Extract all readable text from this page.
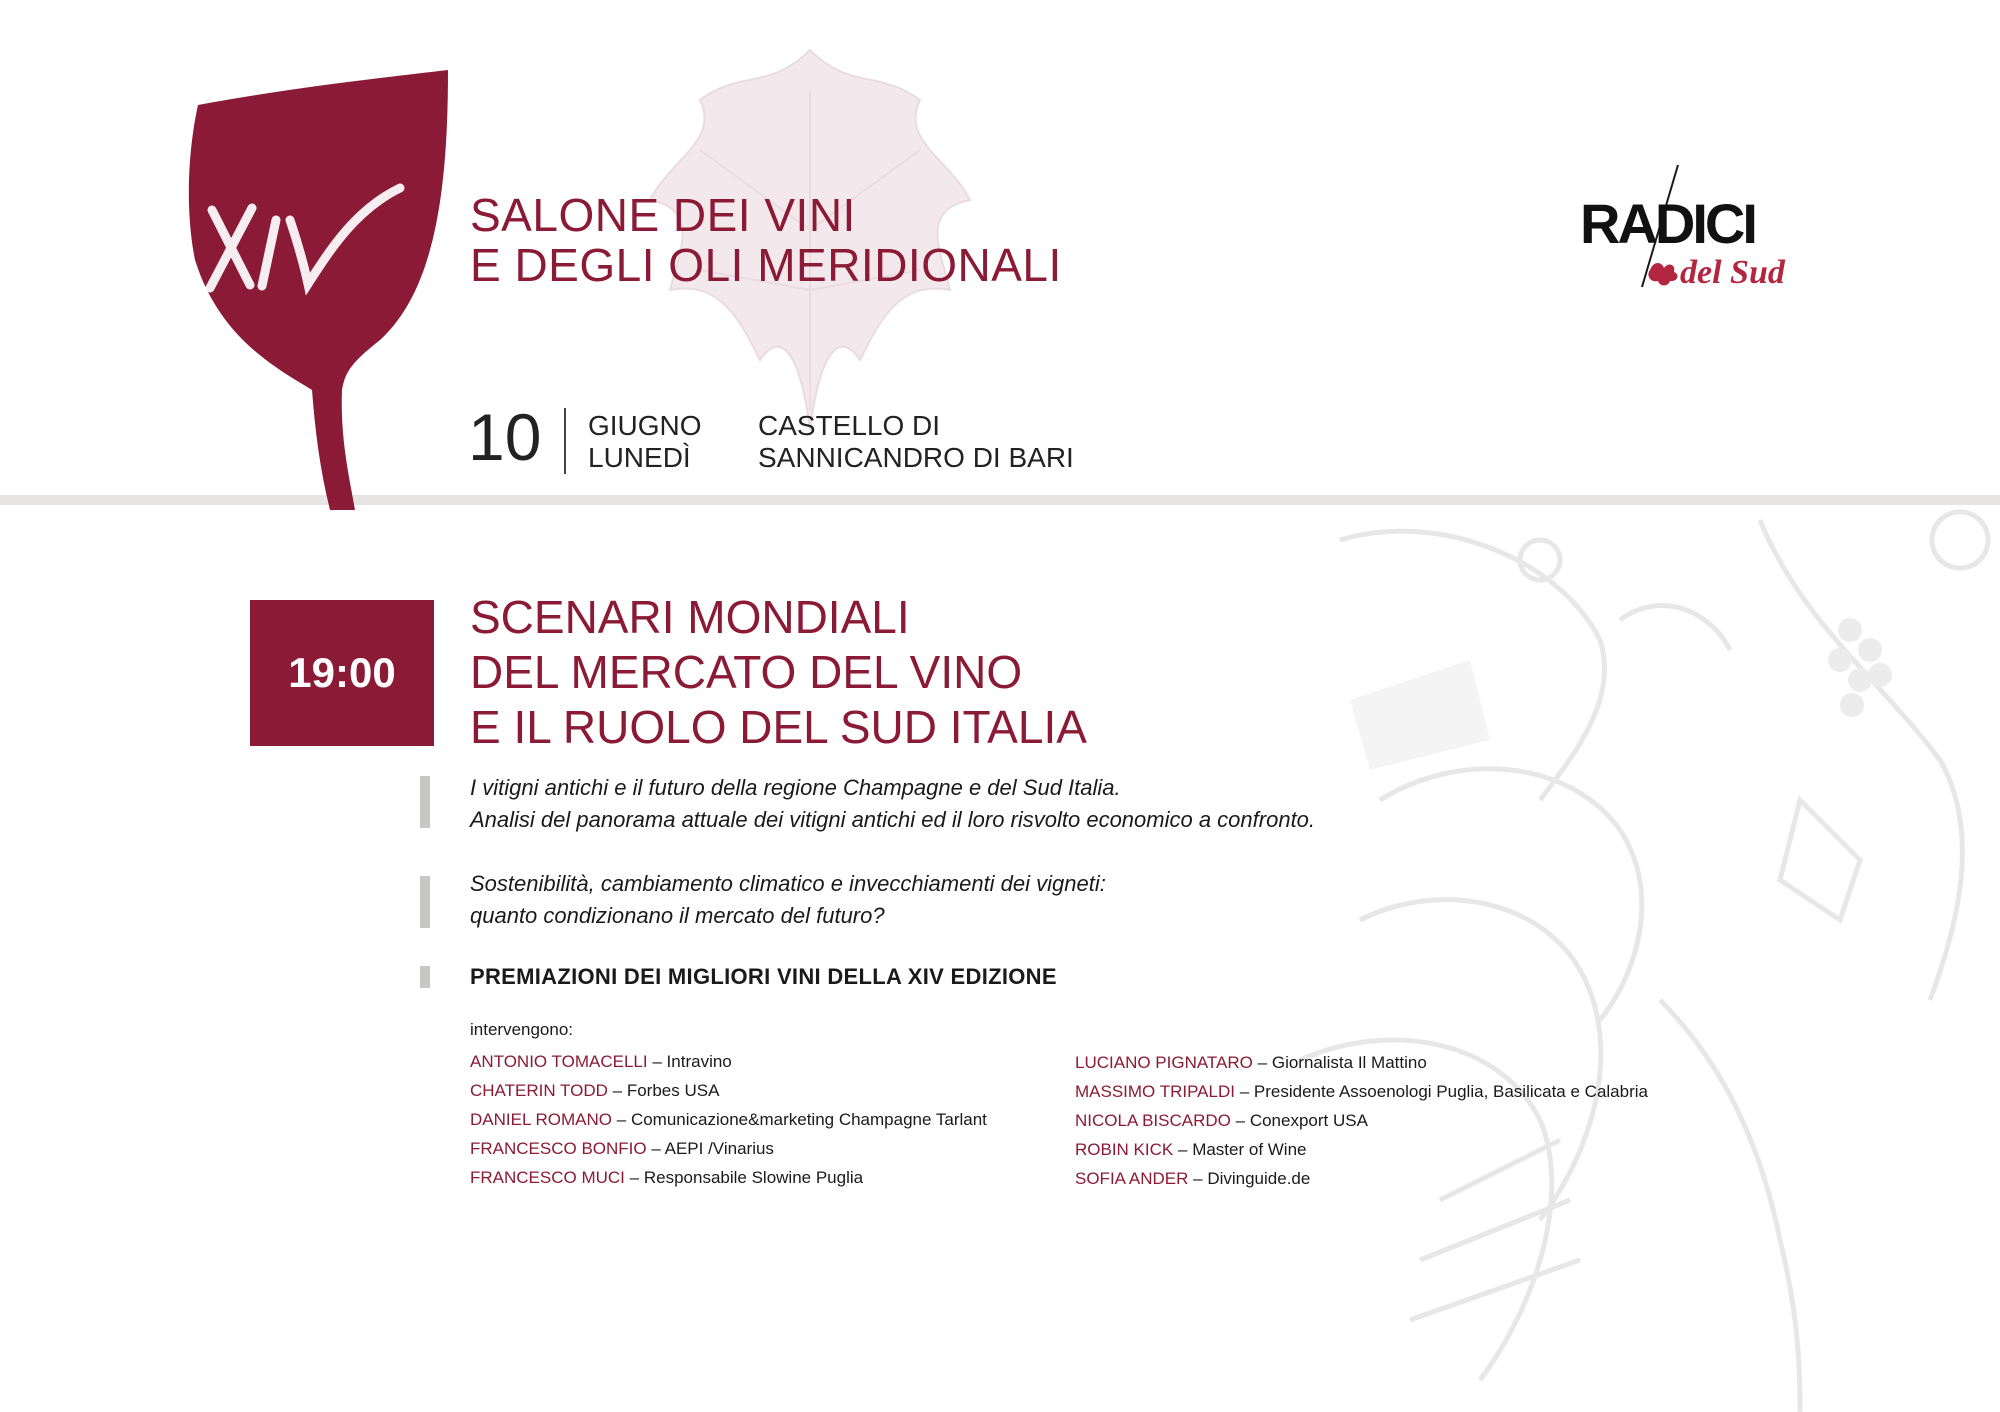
XIV
SALONE DEI VINI
E DEGLI OLI MERIDIONALI
10 GIUGNO
LUNEDÌ
CASTELLO DI
SANNICANDRO DI BARI
RADICI
del Sud
19:00
SCENARI MONDIALI
DEL MERCATO DEL VINO
E IL RUOLO DEL SUD ITALIA
I vitigni antichi e il futuro della regione Champagne e del Sud Italia.
Analisi del panorama attuale dei vitigni antichi ed il loro risvolto economico a confronto.
Sostenibilità, cambiamento climatico e invecchiamenti dei vigneti:
quanto condizionano il mercato del futuro?
PREMIAZIONI DEI MIGLIORI VINI DELLA XIV EDIZIONE
intervengono:
ANTONIO TOMACELLI – Intravino
CHATERIN TODD – Forbes USA
DANIEL ROMANO – Comunicazione&marketing Champagne Tarlant
FRANCESCO BONFIO – AEPI /Vinarius
FRANCESCO MUCI – Responsabile Slowine Puglia
LUCIANO PIGNATARO – Giornalista Il Mattino
MASSIMO TRIPALDI – Presidente Assoenologi Puglia, Basilicata e Calabria
NICOLA BISCARDO – Conexport USA
ROBIN KICK – Master of Wine
SOFIA ANDER – Divinguide.de
